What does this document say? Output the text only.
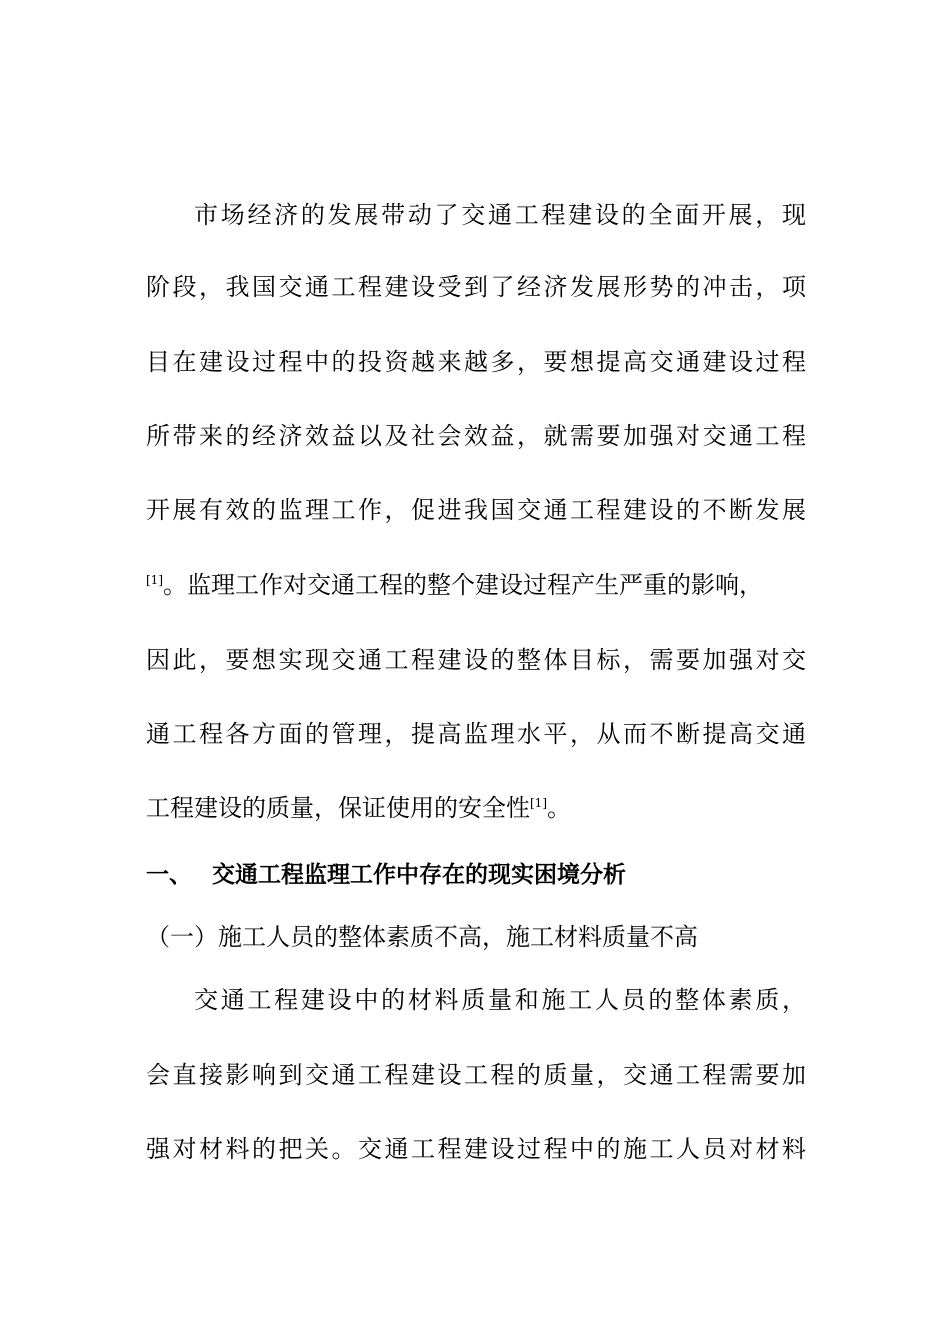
市场经济的发展带动了交通工程建设的全面开展，现
阶段，我国交通工程建设受到了经济发展形势的冲击，项
目在建设过程中的投资越来越多，要想提高交通建设过程
所带来的经济效益以及社会效益，就需要加强对交通工程
开展有效的监理工作，促进我国交通工程建设的不断发展
[1]。监理工作对交通工程的整个建设过程产生严重的影响，
因此，要想实现交通工程建设的整体目标，需要加强对交
通工程各方面的管理，提高监理水平，从而不断提高交通
工程建设的质量，保证使用的安全性[1]。
一、 交通工程监理工作中存在的现实困境分析
（一）施工人员的整体素质不高，施工材料质量不高
交通工程建设中的材料质量和施工人员的整体素质，
会直接影响到交通工程建设工程的质量，交通工程需要加
强对材料的把关。交通工程建设过程中的施工人员对材料
